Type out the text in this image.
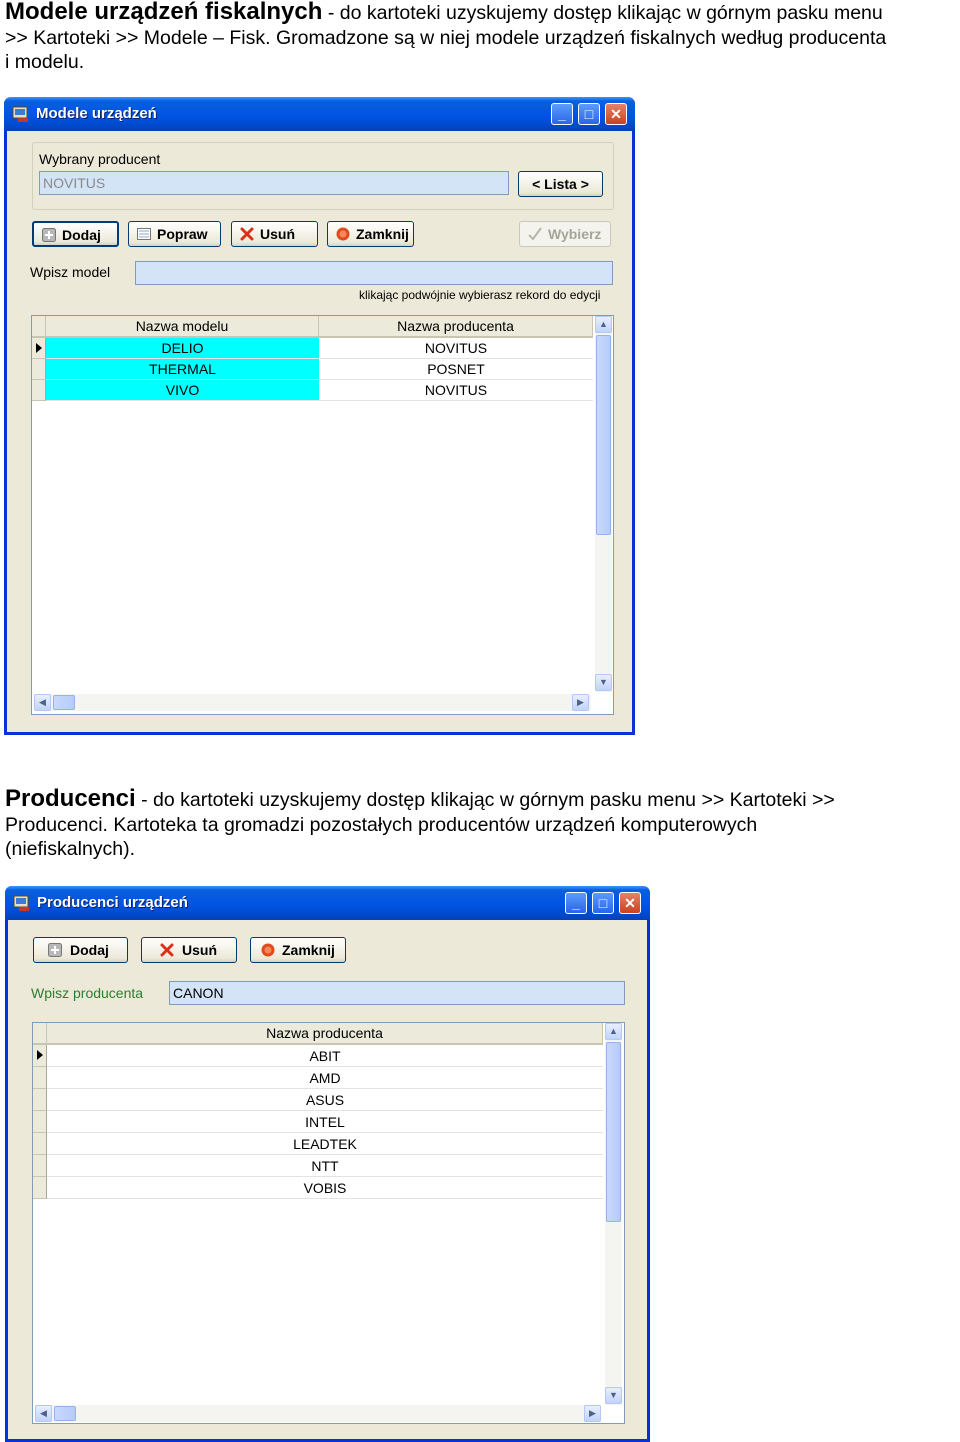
Modele urządzeń fiskalnych - do kartoteki uzyskujemy dostęp klikając w górnym pasku menu
>> Kartoteki >> Modele – Fisk. Gromadzone są w niej modele urządzeń fiskalnych według producenta
i modelu.
Modele urządzeń	_	□	✕
Wybrany producent
NOVITUS
< Lista >
Dodaj	Popraw	Usuń	Zamknij	Wybierz
Wpisz model
klikając podwójnie wybierasz rekord do edycji
Nazwa modelu	Nazwa producenta
DELIO	NOVITUS
THERMAL	POSNET
VIVO	NOVITUS
▲
▼
◀	▶
Producenci - do kartoteki uzyskujemy dostęp klikając w górnym pasku menu >> Kartoteki >>
Producenci. Kartoteka ta gromadzi pozostałych producentów urządzeń komputerowych
(niefiskalnych).
Producenci urządzeń	_	□	✕
Dodaj	Usuń	Zamknij
Wpisz producenta
CANON
Nazwa producenta
ABIT
AMD
ASUS
INTEL
LEADTEK
NTT
VOBIS
▲
▼
◀	▶
